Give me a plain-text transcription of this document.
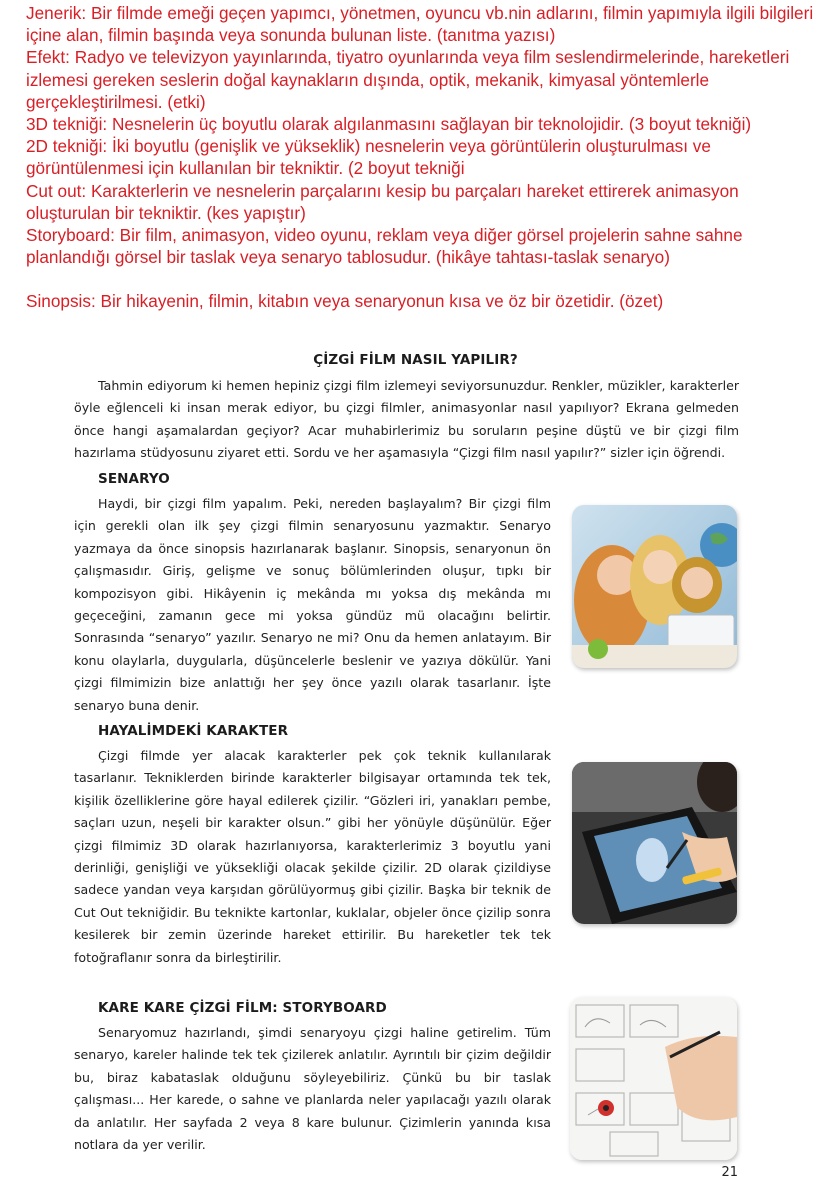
Jenerik: Bir filmde emeği geçen yapımcı, yönetmen, oyuncu vb.nin adlarını, filmin yapımıyla ilgili bilgileri

içine alan, filmin başında veya sonunda bulunan liste. (tanıtma yazısı)

Efekt: Radyo ve televizyon yayınlarında, tiyatro oyunlarında veya film seslendirmelerinde, hareketleri

izlemesi gereken seslerin doğal kaynakların dışında, optik, mekanik, kimyasal yöntemlerle

gerçekleştirilmesi. (etki)

3D tekniği: Nesnelerin üç boyutlu olarak algılanmasını sağlayan bir teknolojidir. (3 boyut tekniği)

2D tekniği: İki boyutlu (genişlik ve yükseklik) nesnelerin veya görüntülerin oluşturulması ve

görüntülenmesi için kullanılan bir tekniktir. (2 boyut tekniği

Cut out: Karakterlerin ve nesnelerin parçalarını kesip bu parçaları hareket ettirerek animasyon

oluşturulan bir tekniktir. (kes yapıştır)

Storyboard: Bir film, animasyon, video oyunu, reklam veya diğer görsel projelerin sahne sahne

planlandığı görsel bir taslak veya senaryo tablosudur. (hikâye tahtası-taslak senaryo)

Sinopsis: Bir hikayenin, filmin, kitabın veya senaryonun kısa ve öz bir özetidir. (özet)

ÇİZGİ FİLM NASIL YAPILIR?
Tahmin ediyorum ki hemen hepiniz çizgi film izlemeyi seviyorsunuzdur. Renkler, müzikler, karakterler öyle eğlenceli ki insan merak ediyor, bu çizgi filmler, animasyonlar nasıl yapılıyor? Ekrana gelmeden önce hangi aşamalardan geçiyor? Acar muhabirlerimiz bu soruların peşine düştü ve bir çizgi film hazırlama stüdyosunu ziyaret etti. Sordu ve her aşamasıyla “Çizgi film nasıl yapılır?” sizler için öğrendi.
SENARYO
Haydi, bir çizgi film yapalım. Peki, nereden başlayalım? Bir çizgi film için gerekli olan ilk şey çizgi filmin senaryosunu yazmaktır. Senaryo yazmaya da önce sinopsis hazırlanarak başlanır. Sinopsis, senaryonun ön çalışmasıdır. Giriş, gelişme ve sonuç bölümlerinden oluşur, tıpkı bir kompozisyon gibi. Hikâyenin iç mekânda mı yoksa dış mekânda mı geçeceğini, zamanın gece mi yoksa gündüz mü olacağını belirtir. Sonrasında “senaryo” yazılır. Senaryo ne mi? Onu da hemen anlatayım. Bir konu olaylarla, duygularla, düşüncelerle beslenir ve yazıya dökülür. Yani çizgi filmimizin bize anlattığı her şey önce yazılı olarak tasarlanır. İşte senaryo buna denir.
HAYALİMDEKİ KARAKTER
Çizgi filmde yer alacak karakterler pek çok teknik kullanılarak tasarlanır. Tekniklerden birinde karakterler bilgisayar ortamında tek tek, kişilik özelliklerine göre hayal edilerek çizilir. “Gözleri iri, yanakları pembe, saçları uzun, neşeli bir karakter olsun.” gibi her yönüyle düşünülür. Eğer çizgi filmimiz 3D olarak hazırlanıyorsa, karakterlerimiz 3 boyutlu yani derinliği, genişliği ve yüksekliği olacak şekilde çizilir. 2D olarak çizildiyse sadece yandan veya karşıdan görülüyormuş gibi çizilir. Başka bir teknik de Cut Out tekniğidir. Bu teknikte kartonlar, kuklalar, objeler önce çizilip sonra kesilerek bir zemin üzerinde hareket ettirilir. Bu hareketler tek tek fotoğraflanır sonra da birleştirilir.
KARE KARE ÇİZGİ FİLM: STORYBOARD
Senaryomuz hazırlandı, şimdi senaryoyu çizgi haline getirelim. Tüm senaryo, kareler halinde tek tek çizilerek anlatılır. Ayrıntılı bir çizim değildir bu, biraz kabataslak olduğunu söyleyebiliriz. Çünkü bu bir taslak çalışması... Her karede, o sahne ve planlarda neler yapılacağı yazılı olarak da anlatılır. Her sayfada 2 veya 8 kare bulunur. Çizimlerin yanında kısa notlara da yer verilir.
21
